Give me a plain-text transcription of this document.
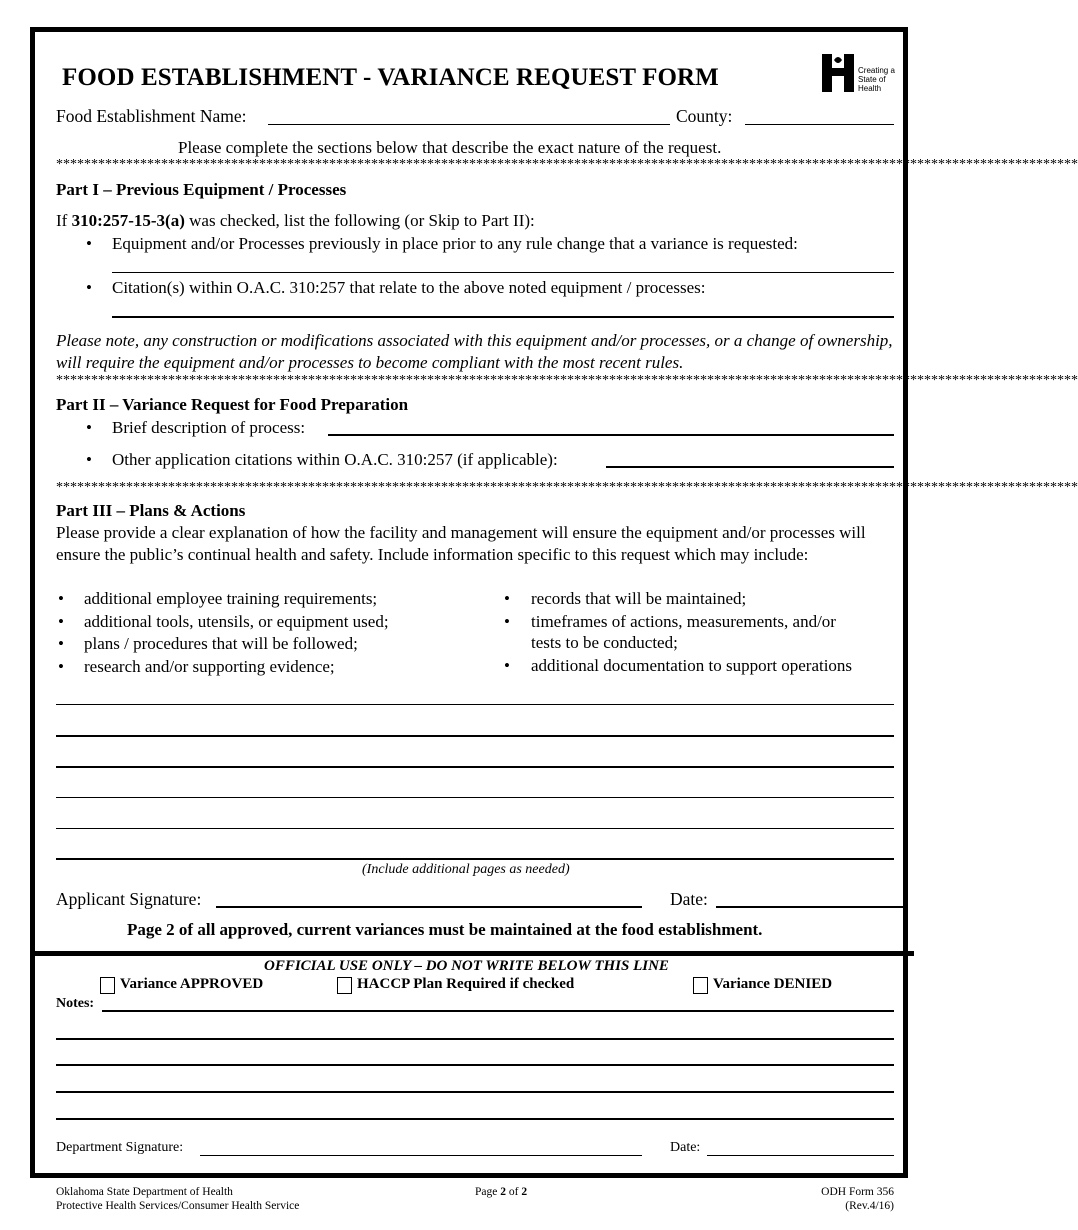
FOOD ESTABLISHMENT - VARIANCE REQUEST FORM	Creating a State of Health
Food Establishment Name:	County:
Please complete the sections below that describe the exact nature of the request.
**************************************************************************************************************************************************
Part I – Previous Equipment / Processes
If 310:257-15-3(a) was checked, list the following (or Skip to Part II):
• Equipment and/or Processes previously in place prior to any rule change that a variance is requested:
• Citation(s) within O.A.C. 310:257 that relate to the above noted equipment / processes:
Please note, any construction or modifications associated with this equipment and/or processes, or a change of ownership, will require the equipment and/or processes to become compliant with the most recent rules.
**************************************************************************************************************************************************
Part II – Variance Request for Food Preparation
• Brief description of process:
• Other application citations within O.A.C. 310:257 (if applicable):
**************************************************************************************************************************************************
Part III – Plans & Actions
Please provide a clear explanation of how the facility and management will ensure the equipment and/or processes will ensure the public’s continual health and safety. Include information specific to this request which may include:
• additional employee training requirements;
• additional tools, utensils, or equipment used;
• plans / procedures that will be followed;
• research and/or supporting evidence;
• records that will be maintained;
• timeframes of actions, measurements, and/or
tests to be conducted;
• additional documentation to support operations
(Include additional pages as needed)
Applicant Signature:	Date:
Page 2 of all approved, current variances must be maintained at the food establishment.
OFFICIAL USE ONLY – DO NOT WRITE BELOW THIS LINE
Variance APPROVED	HACCP Plan Required if checked	Variance DENIED
Notes:
Department Signature:	Date:
Oklahoma State Department of Health
Protective Health Services/Consumer Health Service
Page 2 of 2	ODH Form 356
(Rev.4/16)
